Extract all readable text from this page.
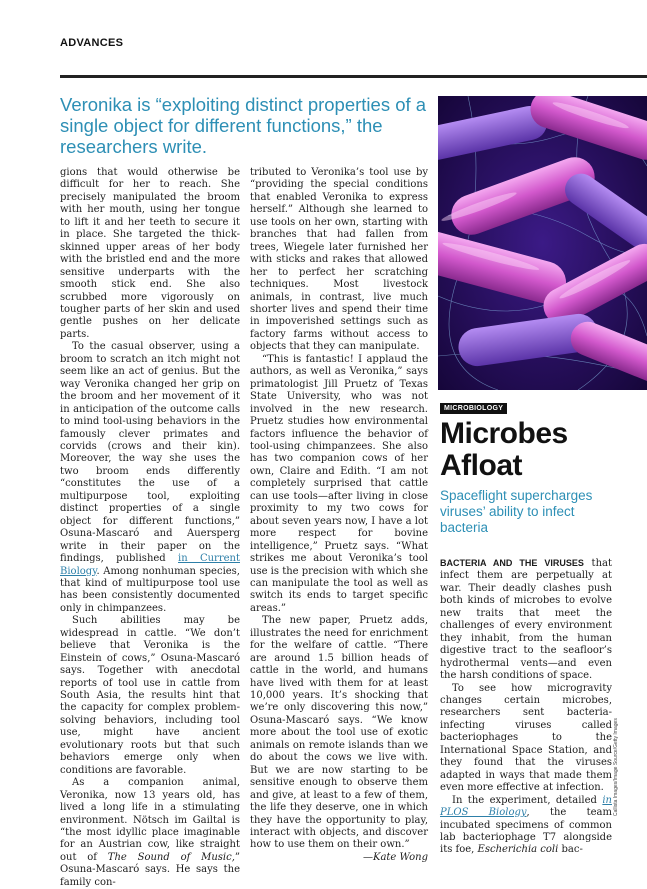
ADVANCES
Veronika is “exploiting distinct properties of a single object for different functions,” the researchers write.

gions that would otherwise be difficult for her to reach. She precisely manipulated the broom with her mouth, using her tongue to lift it and her teeth to secure it in place. She targeted the thick-skinned upper areas of her body with the bristled end and the more sensitive underparts with the smooth stick end. She also scrubbed more vigorously on tougher parts of her skin and used gentle pushes on her delicate parts.

To the casual observer, using a broom to scratch an itch might not seem like an act of genius. But the way Veronika changed her grip on the broom and her movement of it in anticipation of the outcome calls to mind tool-using behaviors in the famously clever primates and corvids (crows and their kin). Moreover, the way she uses the two broom ends differently “constitutes the use of a multipurpose tool, exploiting distinct properties of a single object for different functions,” Osuna-Mascaró and Auersperg write in their paper on the findings, published in Current Biology. Among nonhuman species, that kind of multipurpose tool use has been consistently documented only in chimpanzees.

Such abilities may be widespread in cattle. “We don’t believe that Veronika is the Einstein of cows,” Osuna-Mascaró says. Together with anecdotal reports of tool use in cattle from South Asia, the results hint that the capacity for complex problem-solving behaviors, including tool use, might have ancient evolutionary roots but that such behaviors emerge only when conditions are favorable.

As a companion animal, Veronika, now 13 years old, has lived a long life in a stimulating environment. Nötsch im Gailtal is “the most idyllic place imaginable for an Austrian cow, like straight out of The Sound of Music,” Osuna-Mascaró says. He says the family con-

tributed to Veronika’s tool use by “providing the special conditions that enabled Veronika to express herself.” Although she learned to use tools on her own, starting with branches that had fallen from trees, Wiegele later furnished her with sticks and rakes that allowed her to perfect her scratching techniques. Most livestock animals, in contrast, live much shorter lives and spend their time in impoverished settings such as factory farms without access to objects that they can manipulate.

“This is fantastic! I applaud the authors, as well as Veronika,” says primatologist Jill Pruetz of Texas State University, who was not involved in the new research. Pruetz studies how environmental factors influence the behavior of tool-using chimpanzees. She also has two companion cows of her own, Claire and Edith. “I am not completely surprised that cattle can use tools—after living in close proximity to my two cows for about seven years now, I have a lot more respect for bovine intelligence,” Pruetz says. “What strikes me about Veronika’s tool use is the precision with which she can manipulate the tool as well as switch its ends to target specific areas.”

The new paper, Pruetz adds, illustrates the need for enrichment for the welfare of cattle. “There are around 1.5 billion heads of cattle in the world, and humans have lived with them for at least 10,000 years. It’s shocking that we’re only discovering this now,” Osuna-Mascaró says. “We know more about the tool use of exotic animals on remote islands than we do about the cows we live with. But we are now starting to be sensitive enough to observe them and give, at least to a few of them, the life they deserve, one in which they have the opportunity to play, interact with objects, and discover how to use them on their own.”

—Kate Wong
MICROBIOLOGY
Microbes Afloat
Spaceflight supercharges viruses’ ability to infect bacteria

BACTERIA AND THE VIRUSES that infect them are perpetually at war. Their deadly clashes push both kinds of microbes to evolve new traits that meet the challenges of every environment they inhabit, from the human digestive tract to the seafloor’s hydrothermal vents—and even the harsh conditions of space.

To see how microgravity changes certain microbes, researchers sent bacteria-infecting viruses called bacteriophages to the International Space Station, and they found that the viruses adapted in ways that made them even more effective at infection.

In the experiment, detailed in PLOS Biology, the team incubated specimens of common lab bacteriophage T7 alongside its foe, Escherichia coli bac-

Callista Images/Image Source/Getty Images
